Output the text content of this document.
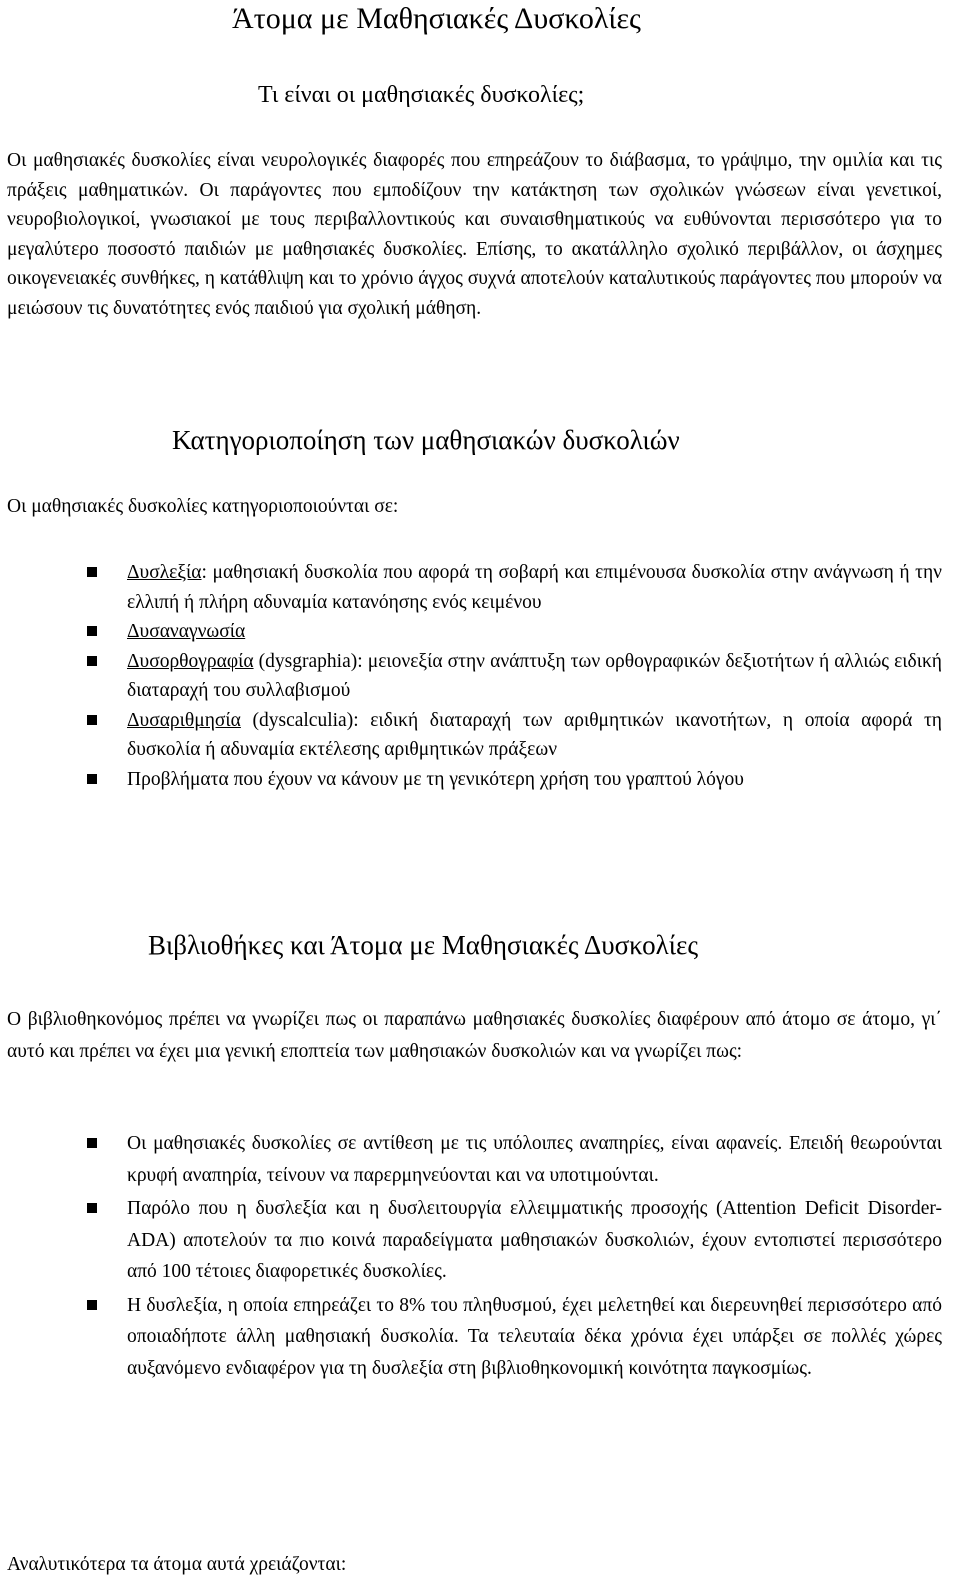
Άτομα με Μαθησιακές Δυσκολίες
Τι είναι οι μαθησιακές δυσκολίες;

Οι μαθησιακές δυσκολίες είναι νευρολογικές διαφορές που επηρεάζουν το διάβασμα, το γράψιμο, την ομιλία και τις πράξεις μαθηματικών. Οι παράγοντες που εμποδίζουν την κατάκτηση των σχολικών γνώσεων είναι γενετικοί, νευροβιολογικοί, γνωσιακοί με τους περιβαλλοντικούς και συναισθηματικούς να ευθύνονται περισσότερο για το μεγαλύτερο ποσοστό παιδιών με μαθησιακές δυσκολίες. Επίσης, το ακατάλληλο σχολικό περιβάλλον, οι άσχημες οικογενειακές συνθήκες, η κατάθλιψη και το χρόνιο άγχος συχνά αποτελούν καταλυτικούς παράγοντες που μπορούν να μειώσουν τις δυνατότητες ενός παιδιού για σχολική μάθηση.

Κατηγοριοποίηση των μαθησιακών δυσκολιών

Οι μαθησιακές δυσκολίες κατηγοριοποιούνται σε:

Δυσλεξία: μαθησιακή δυσκολία που αφορά τη σοβαρή και επιμένουσα δυσκολία στην ανάγνωση ή την ελλιπή ή πλήρη αδυναμία κατανόησης ενός κειμένου
Δυσαναγνωσία
Δυσορθογραφία (dysgraphia): μειονεξία στην ανάπτυξη των ορθογραφικών δεξιοτήτων ή αλλιώς ειδική διαταραχή του συλλαβισμού
Δυσαριθμησία (dyscalculia): ειδική διαταραχή των αριθμητικών ικανοτήτων, η οποία αφορά τη δυσκολία ή αδυναμία εκτέλεσης αριθμητικών πράξεων
Προβλήματα που έχουν να κάνουν με τη γενικότερη χρήση του γραπτού λόγου
Βιβλιοθήκες και Άτομα με Μαθησιακές Δυσκολίες

Ο βιβλιοθηκονόμος πρέπει να γνωρίζει πως οι παραπάνω μαθησιακές δυσκολίες διαφέρουν από άτομο σε άτομο, γι΄ αυτό και πρέπει να έχει μια γενική εποπτεία των μαθησιακών δυσκολιών και να γνωρίζει πως:

Οι μαθησιακές δυσκολίες σε αντίθεση με τις υπόλοιπες αναπηρίες, είναι αφανείς. Επειδή θεωρούνται κρυφή αναπηρία, τείνουν να παρερμηνεύονται και να υποτιμούνται.
Παρόλο που η δυσλεξία και η δυσλειτουργία ελλειμματικής προσοχής (Attention Deficit Disorder-ADA) αποτελούν τα πιο κοινά παραδείγματα μαθησιακών δυσκολιών, έχουν εντοπιστεί περισσότερο από 100 τέτοιες διαφορετικές δυσκολίες.
Η δυσλεξία, η οποία επηρεάζει το 8% του πληθυσμού, έχει μελετηθεί και διερευνηθεί περισσότερο από οποιαδήποτε άλλη μαθησιακή δυσκολία. Τα τελευταία δέκα χρόνια έχει υπάρξει σε πολλές χώρες αυξανόμενο ενδιαφέρον για τη δυσλεξία στη βιβλιοθηκονομική κοινότητα παγκοσμίως.

Αναλυτικότερα τα άτομα αυτά χρειάζονται:
